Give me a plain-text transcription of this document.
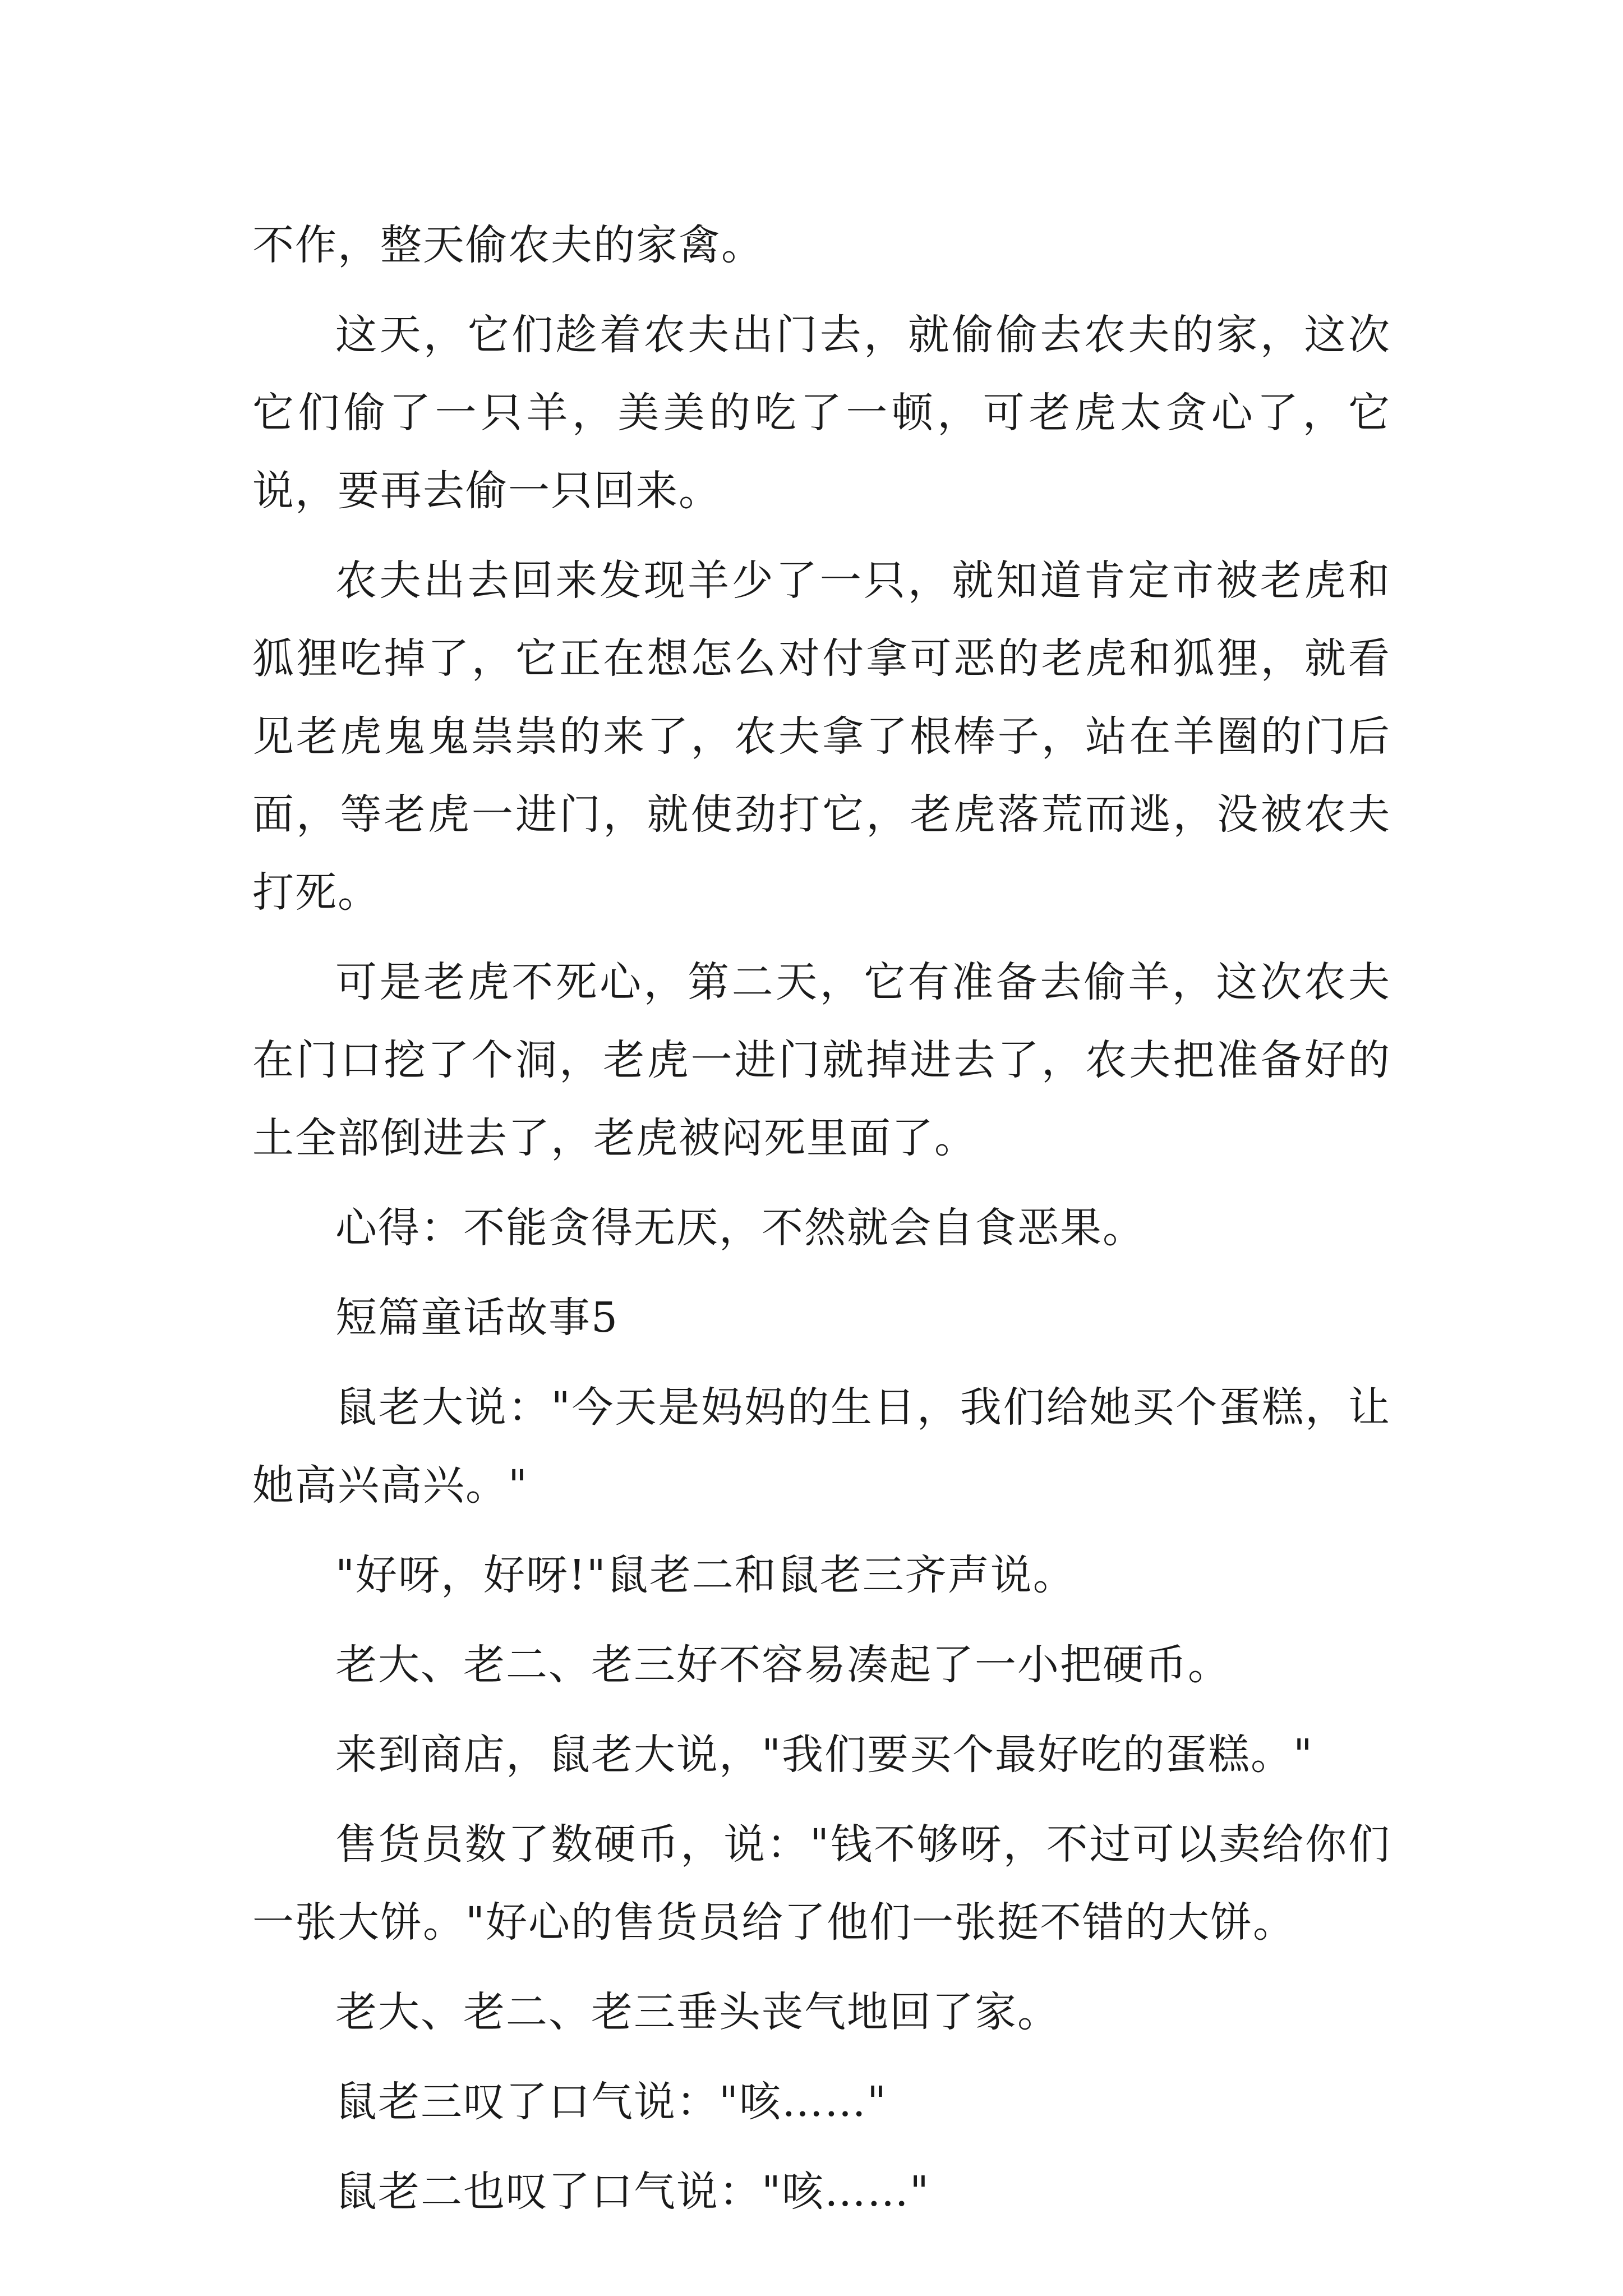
不作，整天偷农夫的家禽。

这天，它们趁着农夫出门去，就偷偷去农夫的家，这次它们偷了一只羊，美美的吃了一顿，可老虎太贪心了，它说，要再去偷一只回来。

农夫出去回来发现羊少了一只，就知道肯定市被老虎和狐狸吃掉了，它正在想怎么对付拿可恶的老虎和狐狸，就看见老虎鬼鬼祟祟的来了，农夫拿了根棒子，站在羊圈的门后面，等老虎一进门，就使劲打它，老虎落荒而逃，没被农夫打死。

可是老虎不死心，第二天，它有准备去偷羊，这次农夫在门口挖了个洞，老虎一进门就掉进去了，农夫把准备好的土全部倒进去了，老虎被闷死里面了。

心得：不能贪得无厌，不然就会自食恶果。

短篇童话故事5

鼠老大说："今天是妈妈的生日，我们给她买个蛋糕，让她高兴高兴。"

"好呀，好呀!"鼠老二和鼠老三齐声说。

老大、老二、老三好不容易凑起了一小把硬币。

来到商店，鼠老大说，"我们要买个最好吃的蛋糕。"

售货员数了数硬币，说："钱不够呀，不过可以卖给你们一张大饼。"好心的售货员给了他们一张挺不错的大饼。

老大、老二、老三垂头丧气地回了家。

鼠老三叹了口气说："咳……"

鼠老二也叹了口气说："咳……"
